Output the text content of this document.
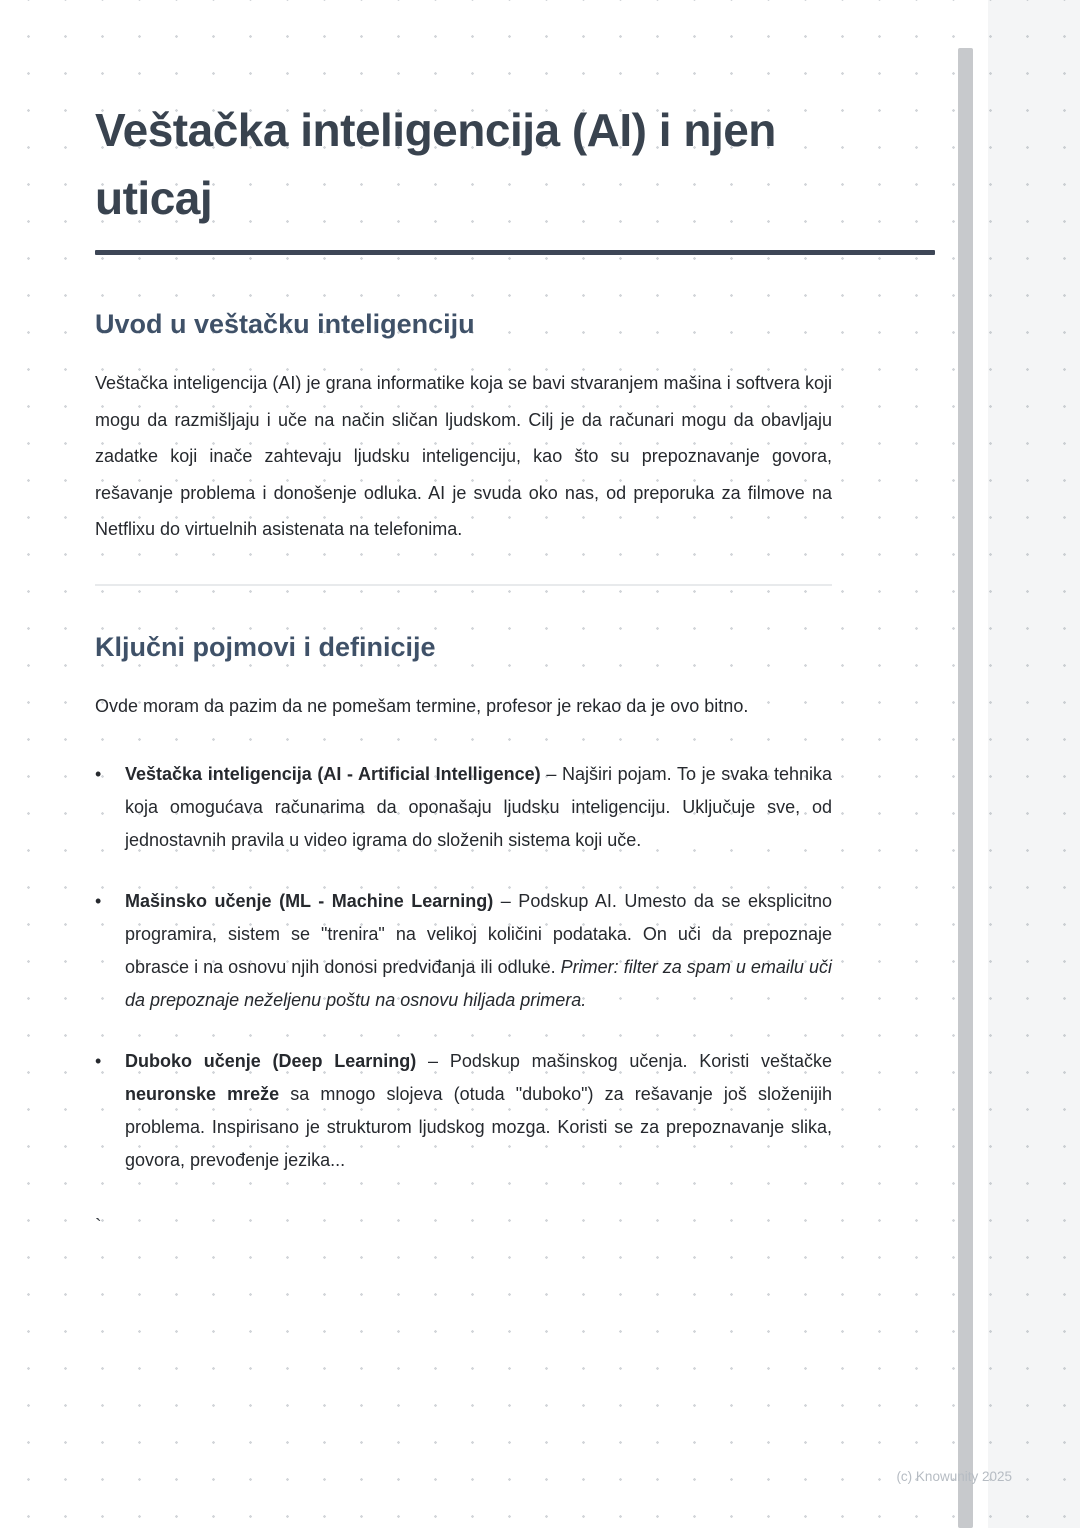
Veštačka inteligencija (AI) i njen uticaj
Uvod u veštačku inteligenciju

Veštačka inteligencija (AI) je grana informatike koja se bavi stvaranjem mašina i softvera koji mogu da razmišljaju i uče na način sličan ljudskom. Cilj je da računari mogu da obavljaju zadatke koji inače zahtevaju ljudsku inteligenciju, kao što su prepoznavanje govora, rešavanje problema i donošenje odluka. AI je svuda oko nas, od preporuka za filmove na Netflixu do virtuelnih asistenata na telefonima.

Ključni pojmovi i definicije

Ovde moram da pazim da ne pomešam termine, profesor je rekao da je ovo bitno.

•	Veštačka inteligencija (AI - Artificial Intelligence) – Najširi pojam. To je svaka tehnika koja omogućava računarima da oponašaju ljudsku inteligenciju. Uključuje sve, od jednostavnih pravila u video igrama do složenih sistema koji uče.
•	Mašinsko učenje (ML - Machine Learning) – Podskup AI. Umesto da se eksplicitno programira, sistem se "trenira" na velikoj količini podataka. On uči da prepoznaje obrasce i na osnovu njih donosi predviđanja ili odluke. Primer: filter za spam u emailu uči da prepoznaje neželjenu poštu na osnovu hiljada primera.
•	Duboko učenje (Deep Learning) – Podskup mašinskog učenja. Koristi veštačke neuronske mreže sa mnogo slojeva (otuda "duboko") za rešavanje još složenijih problema. Inspirisano je strukturom ljudskog mozga. Koristi se za prepoznavanje slika, govora, prevođenje jezika...
`
(c) Knowunity 2025
